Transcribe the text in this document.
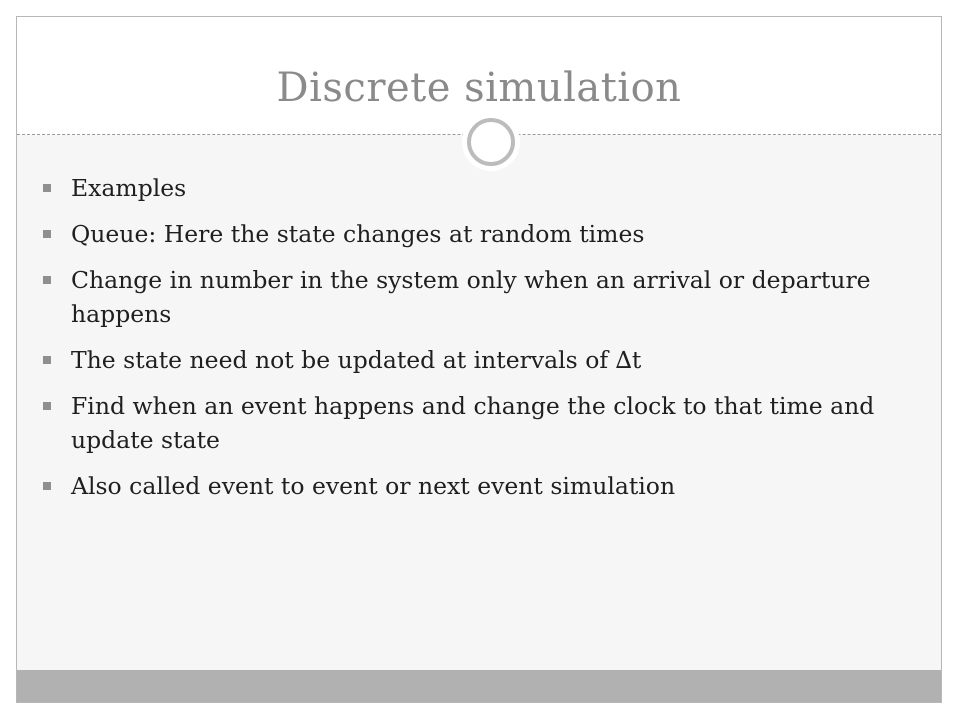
Discrete simulation
Examples
Queue: Here the state changes at random times
Change in number in the system only when an arrival or departure happens
The state need not be updated at intervals of ∆t
Find when an event happens and change the clock to that time and update state
Also called event to event or next event simulation
